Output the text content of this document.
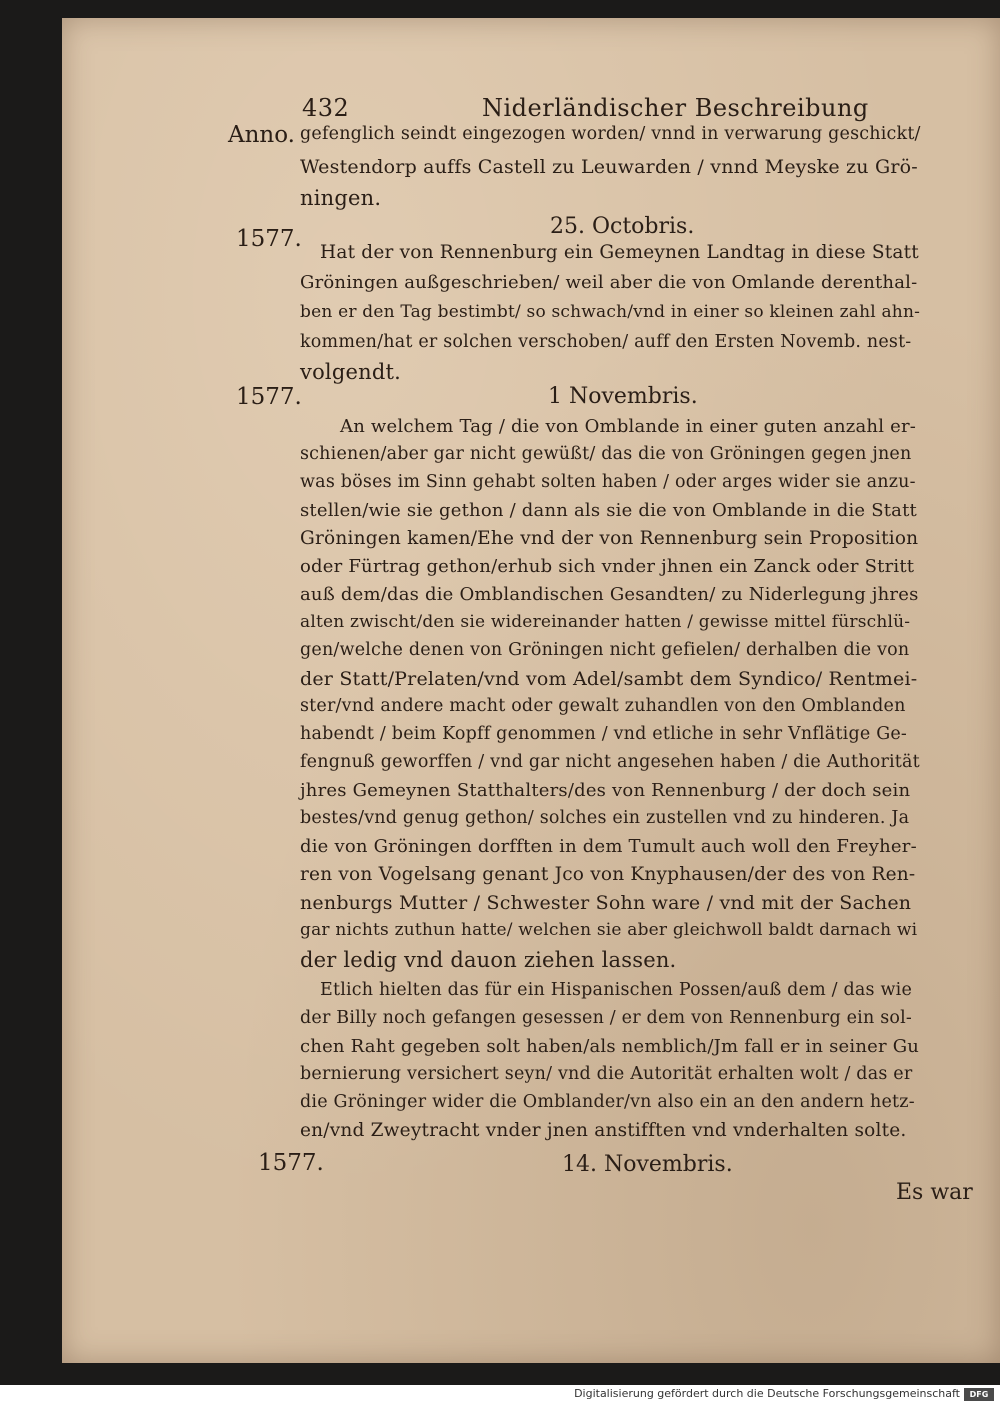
432	Niderländischer Beschreibung
Anno.
1577.
1577.
1577.
25. Octobris.
1 Novembris.
14. Novembris.
gefenglich seindt eingezogen worden/ vnnd in verwarung geschickt/
Westendorp auffs Castell zu Leuwarden / vnnd Meyske zu Grö-
ningen.
Hat der von Rennenburg ein Gemeynen Landtag in diese Statt
Gröningen außgeschrieben/ weil aber die von Omlande derenthal-
ben er den Tag bestimbt/ so schwach/vnd in einer so kleinen zahl ahn-
kommen/hat er solchen verschoben/ auff den Ersten Novemb. nest-
volgendt.
An welchem Tag / die von Omblande in einer guten anzahl er-
schienen/aber gar nicht gewüßt/ das die von Gröningen gegen jnen
was böses im Sinn gehabt solten haben / oder arges wider sie anzu-
stellen/wie sie gethon / dann als sie die von Omblande in die Statt
Gröningen kamen/Ehe vnd der von Rennenburg sein Proposition
oder Fürtrag gethon/erhub sich vnder jhnen ein Zanck oder Stritt
auß dem/das die Omblandischen Gesandten/ zu Niderlegung jhres
alten zwischt/den sie widereinander hatten / gewisse mittel fürschlü-
gen/welche denen von Gröningen nicht gefielen/ derhalben die von
der Statt/Prelaten/vnd vom Adel/sambt dem Syndico/ Rentmei-
ster/vnd andere macht oder gewalt zuhandlen von den Omblanden
habendt / beim Kopff genommen / vnd etliche in sehr Vnflätige Ge-
fengnuß geworffen / vnd gar nicht angesehen haben / die Authorität
jhres Gemeynen Statthalters/des von Rennenburg / der doch sein
bestes/vnd genug gethon/ solches ein zustellen vnd zu hinderen. Ja
die von Gröningen dorfften in dem Tumult auch woll den Freyher-
ren von Vogelsang genant Jco von Knyphausen/der des von Ren-
nenburgs Mutter / Schwester Sohn ware / vnd mit der Sachen
gar nichts zuthun hatte/ welchen sie aber gleichwoll baldt darnach wi
der ledig vnd dauon ziehen lassen.
Etlich hielten das für ein Hispanischen Possen/auß dem / das wie
der Billy noch gefangen gesessen / er dem von Rennenburg ein sol-
chen Raht gegeben solt haben/als nemblich/Jm fall er in seiner Gu
bernierung versichert seyn/ vnd die Autorität erhalten wolt / das er
die Gröninger wider die Omblander/vn also ein an den andern hetz-
en/vnd Zweytracht vnder jnen anstifften vnd vnderhalten solte.
Es war
Digitalisierung gefördert durch die Deutsche Forschungsgemeinschaft	DFG
